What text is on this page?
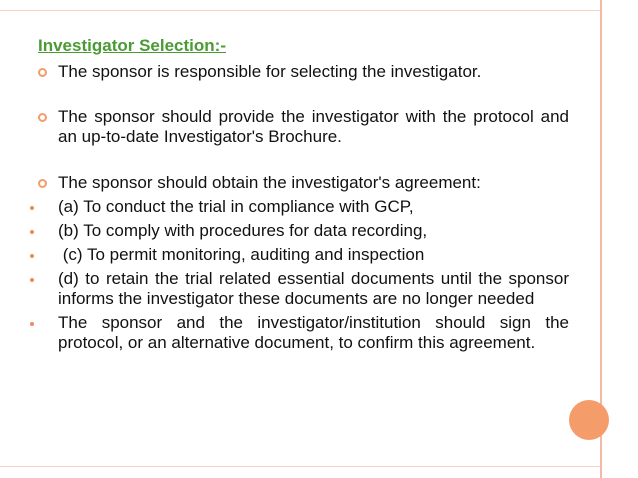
Investigator Selection:-
The sponsor is responsible for selecting the investigator.
The sponsor should provide the investigator with the protocol and an up-to-date Investigator's Brochure.
The sponsor should obtain the investigator's agreement:
(a) To conduct the trial in compliance with GCP,
(b) To comply with procedures for data recording,
(c) To permit monitoring, auditing and inspection
(d) to retain the trial related essential documents until the sponsor informs the investigator these documents are no longer needed
The sponsor and the investigator/institution should sign the protocol, or an alternative document, to confirm this agreement.
